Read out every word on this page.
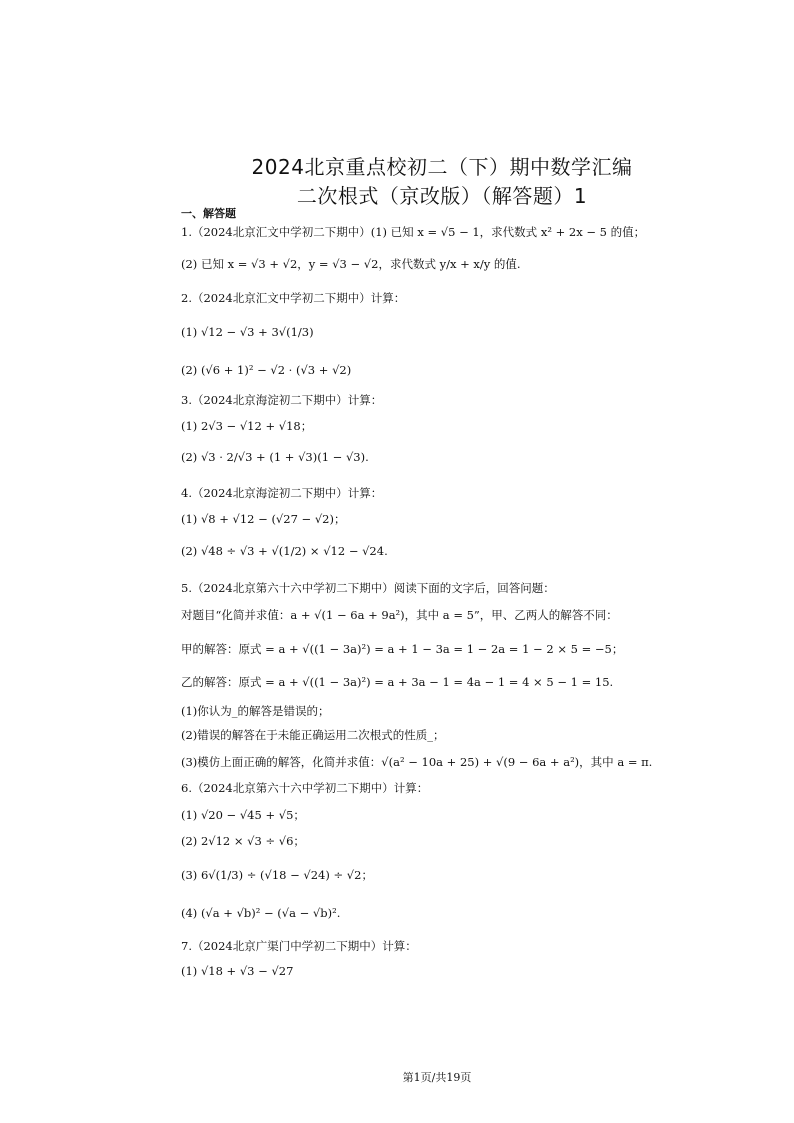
2024北京重点校初二（下）期中数学汇编
二次根式（京改版）（解答题）1
一、解答题
1.（2024北京汇文中学初二下期中）(1) 已知 x = √5 − 1，求代数式 x² + 2x − 5 的值；
(2) 已知 x = √3 + √2，y = √3 − √2，求代数式 y/x + x/y 的值.
2.（2024北京汇文中学初二下期中）计算：
(1) √12 − √3 + 3√(1/3)
(2) (√6 + 1)² − √2 · (√3 + √2)
3.（2024北京海淀初二下期中）计算：
(1) 2√3 − √12 + √18；
(2) √3 · 2/√3 + (1 + √3)(1 − √3).
4.（2024北京海淀初二下期中）计算：
(1) √8 + √12 − (√27 − √2)；
(2) √48 ÷ √3 + √(1/2) × √12 − √24.
5.（2024北京第六十六中学初二下期中）阅读下面的文字后，回答问题：
对题目“化简并求值：a + √(1 − 6a + 9a²)，其中 a = 5”，甲、乙两人的解答不同：
甲的解答：原式 = a + √((1 − 3a)²) = a + 1 − 3a = 1 − 2a = 1 − 2 × 5 = −5；
乙的解答：原式 = a + √((1 − 3a)²) = a + 3a − 1 = 4a − 1 = 4 × 5 − 1 = 15.
(1)你认为_的解答是错误的；
(2)错误的解答在于未能正确运用二次根式的性质_；
(3)模仿上面正确的解答，化简并求值：√(a² − 10a + 25) + √(9 − 6a + a²)，其中 a = π.
6.（2024北京第六十六中学初二下期中）计算：
(1) √20 − √45 + √5；
(2) 2√12 × √3 ÷ √6；
(3) 6√(1/3) ÷ (√18 − √24) ÷ √2；
(4) (√a + √b)² − (√a − √b)².
7.（2024北京广渠门中学初二下期中）计算：
(1) √18 + √3 − √27
第1页/共19页
